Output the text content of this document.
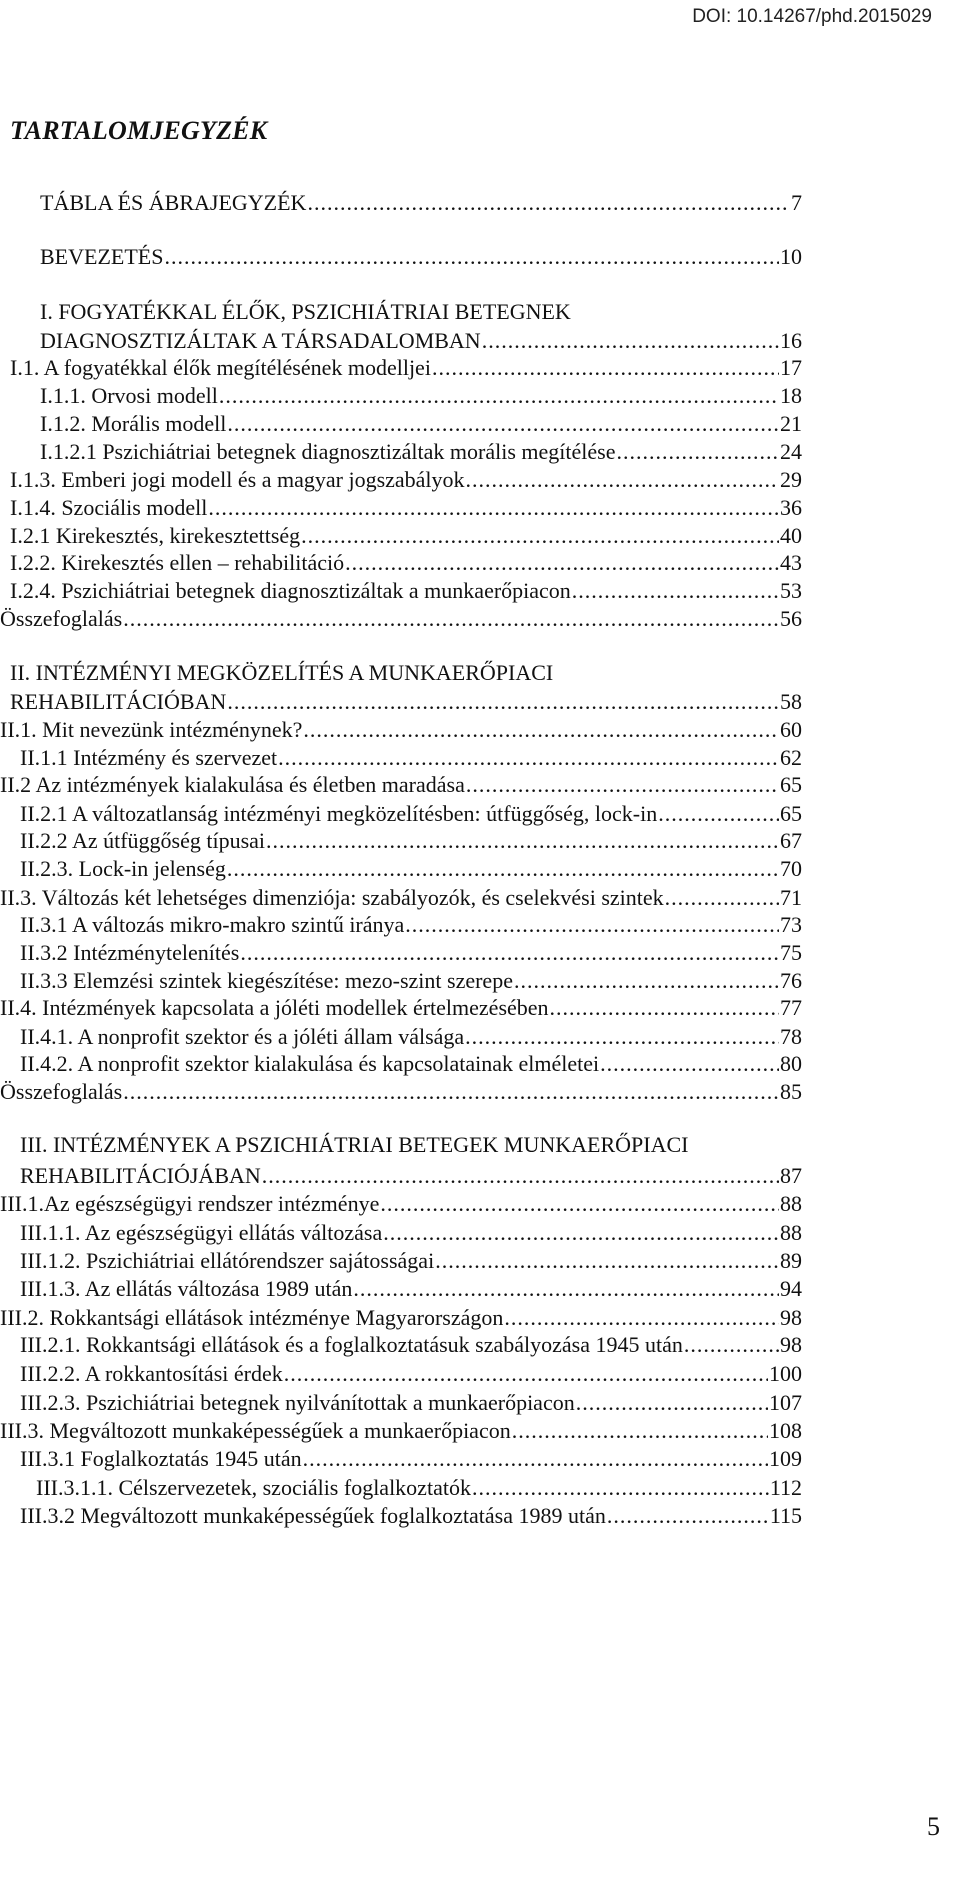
DOI: 10.14267/phd.2015029
TARTALOMJEGYZÉK
TÁBLA ÉS ÁBRAJEGYZÉK .....	7
BEVEZETÉS .....	10
I. FOGYATÉKKAL ÉLŐK, PSZICHIÁTRIAI BETEGNEK
DIAGNOSZTIZÁLTAK A TÁRSADALOMBAN .....	16
I.1. A fogyatékkal élők megítélésének modelljei .....	17
I.1.1. Orvosi modell .....	18
I.1.2. Morális modell .....	21
I.1.2.1 Pszichiátriai betegnek diagnosztizáltak morális megítélése .....	24
I.1.3. Emberi jogi modell és a magyar jogszabályok .....	29
I.1.4. Szociális modell .....	36
I.2.1 Kirekesztés, kirekesztettség .....	40
I.2.2. Kirekesztés ellen – rehabilitáció .....	43
I.2.4. Pszichiátriai betegnek diagnosztizáltak a munkaerőpiacon .....	53
Összefoglalás .....	56
II. INTÉZMÉNYI MEGKÖZELÍTÉS A MUNKAERŐPIACI
REHABILITÁCIÓBAN .....	58
II.1. Mit nevezünk intézménynek? .....	60
II.1.1 Intézmény és szervezet .....	62
II.2 Az intézmények kialakulása és életben maradása .....	65
II.2.1 A változatlanság intézményi megközelítésben: útfüggőség, lock-in .....	65
II.2.2 Az útfüggőség típusai .....	67
II.2.3. Lock-in jelenség .....	70
II.3. Változás két lehetséges dimenziója: szabályozók, és cselekvési szintek .....	71
II.3.1 A változás mikro-makro szintű iránya .....	73
II.3.2 Intézménytelenítés .....	75
II.3.3 Elemzési szintek kiegészítése: mezo-szint szerepe .....	76
II.4. Intézmények kapcsolata a jóléti modellek értelmezésében .....	77
II.4.1. A nonprofit szektor és a jóléti állam válsága .....	78
II.4.2. A nonprofit szektor kialakulása és kapcsolatainak elméletei .....	80
Összefoglalás .....	85
III. INTÉZMÉNYEK A PSZICHIÁTRIAI BETEGEK MUNKAERŐPIACI
REHABILITÁCIÓJÁBAN .....	87
III.1.Az egészségügyi rendszer intézménye .....	88
III.1.1. Az egészségügyi ellátás változása .....	88
III.1.2. Pszichiátriai ellátórendszer sajátosságai .....	89
III.1.3. Az ellátás változása 1989 után .....	94
III.2. Rokkantsági ellátások intézménye Magyarországon .....	98
III.2.1. Rokkantsági ellátások és a foglalkoztatásuk szabályozása 1945 után .....	98
III.2.2. A rokkantosítási érdek .....	100
III.2.3. Pszichiátriai betegnek nyilvánítottak a munkaerőpiacon .....	107
III.3. Megváltozott munkaképességűek a munkaerőpiacon .....	108
III.3.1 Foglalkoztatás 1945 után .....	109
III.3.1.1. Célszervezetek, szociális foglalkoztatók .....	112
III.3.2 Megváltozott munkaképességűek foglalkoztatása 1989 után .....	115
5
